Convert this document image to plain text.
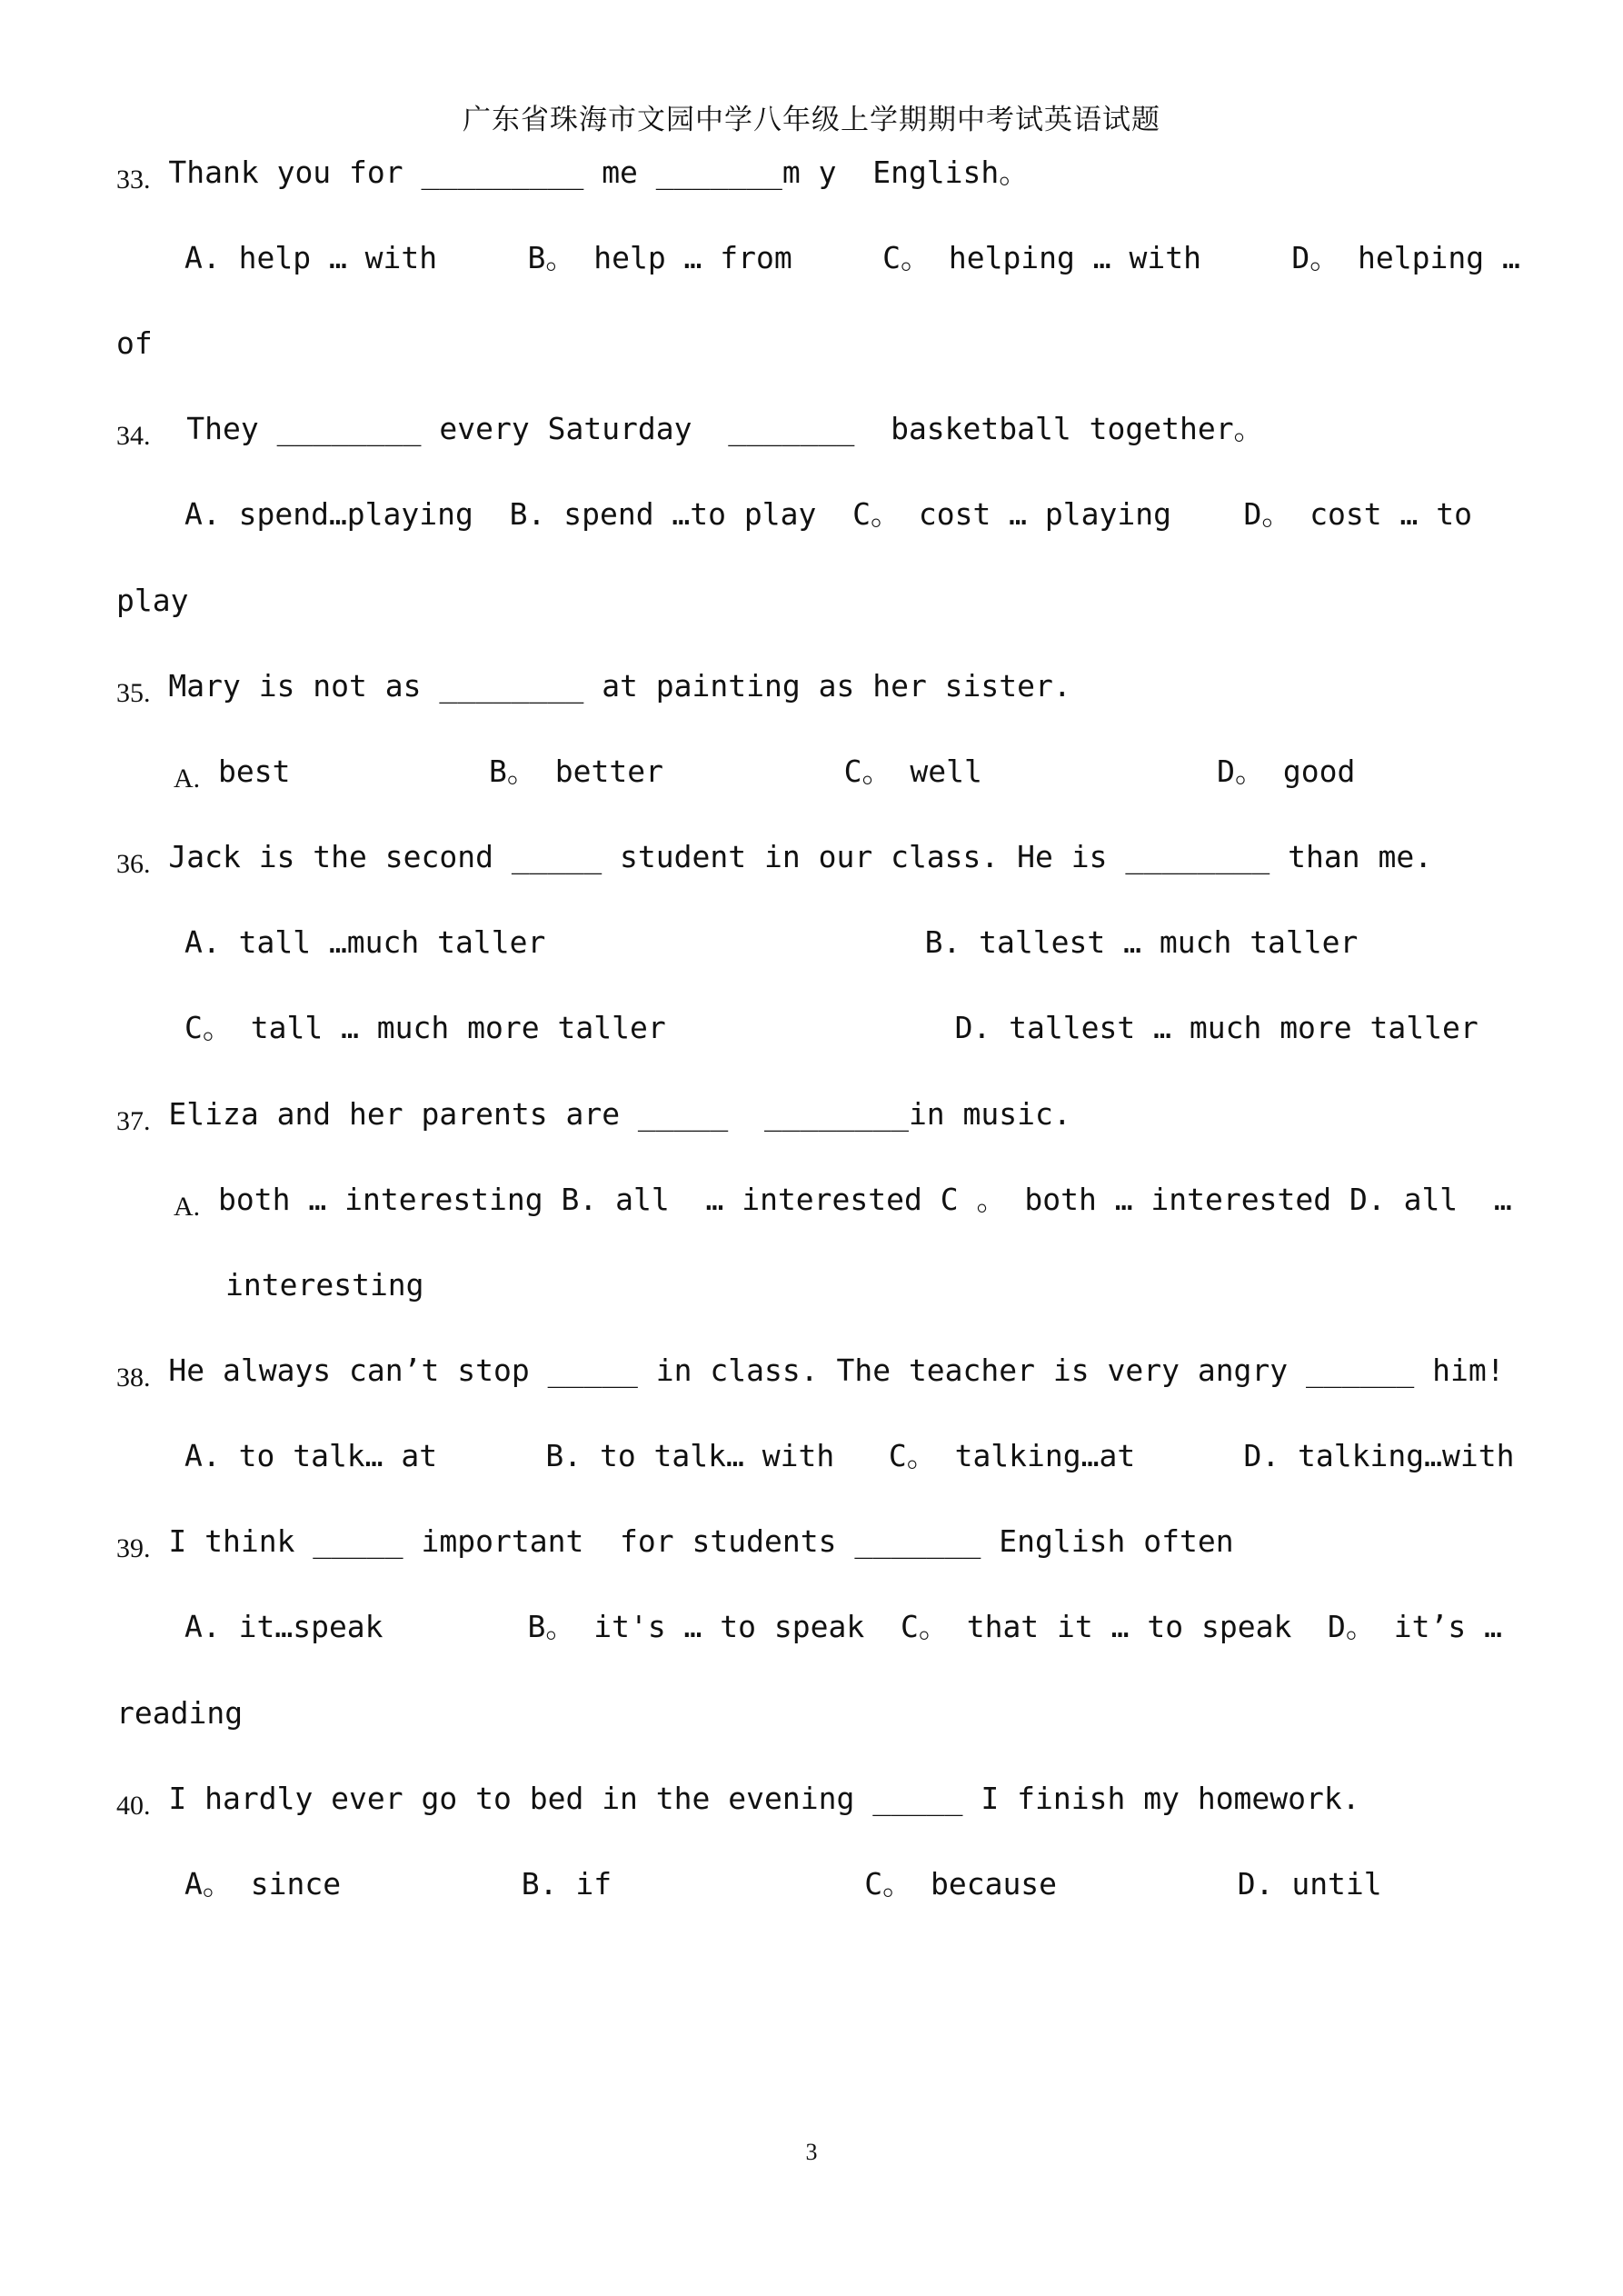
广东省珠海市文园中学八年级上学期期中考试英语试题
33. Thank you for _________ me _______m y  English。
A. help … with     B。 help … from     C。 helping … with     D。 helping …
of
34.  They ________ every Saturday  _______  basketball together。
A. spend…playing  B. spend …to play  C。 cost … playing    D。 cost … to
play
35. Mary is not as ________ at painting as her sister.
A. best           B。 better          C。 well             D。 good
36. Jack is the second _____ student in our class. He is ________ than me.
A. tall …much taller                     B. tallest … much taller
C。 tall … much more taller                D. tallest … much more taller
37. Eliza and her parents are _____  ________in music.
A. both … interesting B. all  … interested C 。 both … interested D. all  …
interesting
38. He always can’t stop _____ in class. The teacher is very angry ______ him!
A. to talk… at      B. to talk… with   C。 talking…at      D. talking…with
39. I think _____ important  for students _______ English often
A. it…speak        B。 it's … to speak  C。 that it … to speak  D。 it’s …
reading
40. I hardly ever go to bed in the evening _____ I finish my homework.
A。 since          B. if              C。 because          D. until
3
